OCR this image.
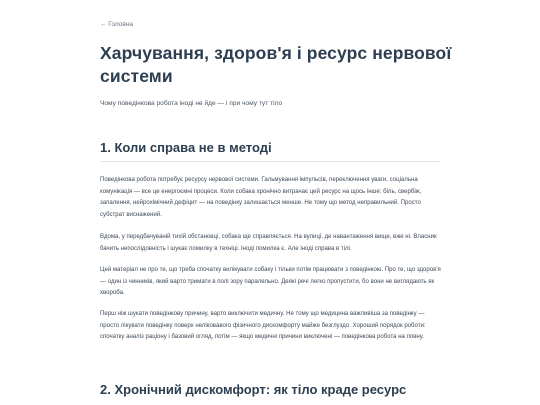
← Головна
Харчування, здоров'я і ресурс нервової системи

Чому поведінкова робота іноді не йде — і при чому тут тіло

1. Коли справа не в методі

Поведінкова робота потребує ресурсу нервової системи. Гальмування імпульсів, переключення уваги, соціальна комунікація — все це енергоємні процеси. Коли собака хронічно витрачає цей ресурс на щось інше: біль, свербіж, запалення, нейрохімічний дефіцит — на поведінку залишається менше. Не тому що метод неправильний. Просто субстрат виснажений.

Вдома, у передбачуваній тихій обстановці, собака ще справляється. На вулиці, де навантаження вище, вже ні. Власник бачить непослідовність і шукає помилку в техніці. Іноді помилка є. Але іноді справа в тілі.

Цей матеріал не про те, що треба спочатку вилікувати собаку і тільки потім працювати з поведінкою. Про те, що здоров'я — один із чинників, який варто тримати в полі зору паралельно. Деякі речі легко пропустити, бо вони не виглядають як хвороба.

Перш ніж шукати поведінкову причину, варто виключити медичну. Не тому що медицина важливіша за поведінку — просто лікувати поведінку поверх неліковавого фізичного дискомфорту майже безглуздо. Хороший порядок роботи: спочатку аналіз раціону і базовий огляд, потім — якщо медичні причини виключені — поведінкова робота на повну.

2. Хронічний дискомфорт: як тіло краде ресурс
